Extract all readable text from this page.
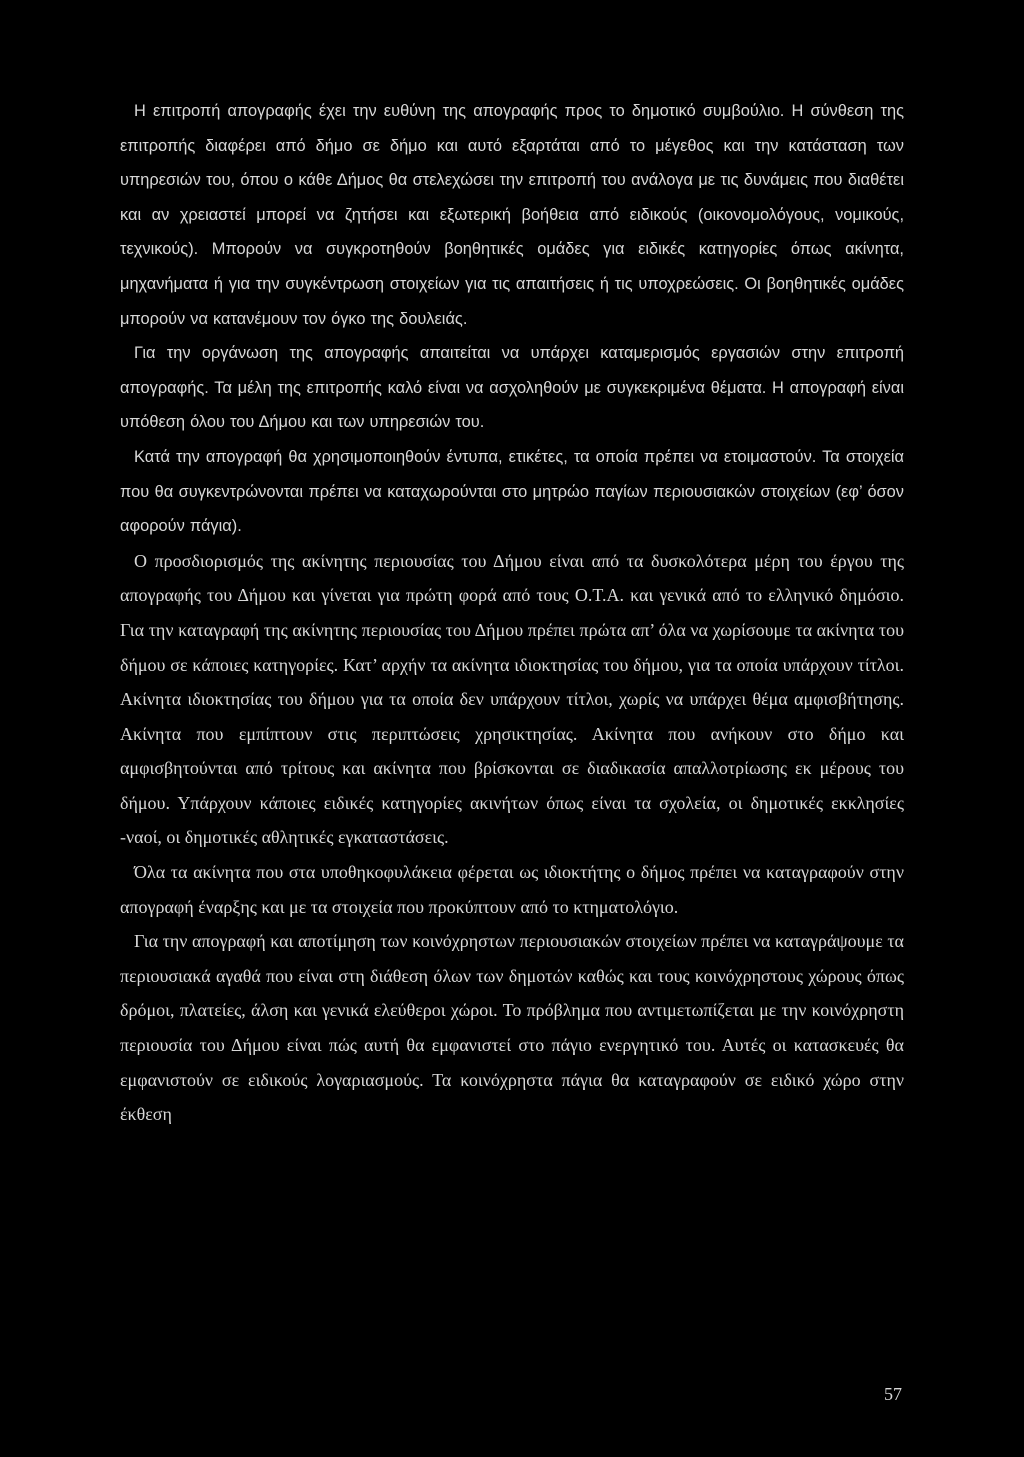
Η επιτροπή απογραφής έχει την ευθύνη της απογραφής προς το δημοτικό συμβούλιο. Η σύνθεση της επιτροπής διαφέρει από δήμο σε δήμο και αυτό εξαρτάται από το μέγεθος και την κατάσταση των υπηρεσιών του, όπου ο κάθε Δήμος θα στελεχώσει την επιτροπή του ανάλογα με τις δυνάμεις που διαθέτει και αν χρειαστεί μπορεί να ζητήσει και εξωτερική βοήθεια από ειδικούς (οικονομολόγους, νομικούς, τεχνικούς). Μπορούν να συγκροτηθούν βοηθητικές ομάδες για ειδικές κατηγορίες όπως ακίνητα, μηχανήματα ή για την συγκέντρωση στοιχείων για τις απαιτήσεις ή τις υποχρεώσεις. Οι βοηθητικές ομάδες μπορούν να κατανέμουν τον όγκο της δουλειάς.

Για την οργάνωση της απογραφής απαιτείται να υπάρχει καταμερισμός εργασιών στην επιτροπή απογραφής. Τα μέλη της επιτροπής καλό είναι να ασχοληθούν με συγκεκριμένα θέματα. Η απογραφή είναι υπόθεση όλου του Δήμου και των υπηρεσιών του.

Κατά την απογραφή θα χρησιμοποιηθούν έντυπα, ετικέτες, τα οποία πρέπει να ετοιμαστούν. Τα στοιχεία που θα συγκεντρώνονται πρέπει να καταχωρούνται στο μητρώο παγίων περιουσιακών στοιχείων (εφ’ όσον αφορούν πάγια).

Ο προσδιορισμός της ακίνητης περιουσίας του Δήμου είναι από τα δυσκολότερα μέρη του έργου της απογραφής του Δήμου και γίνεται για πρώτη φορά από τους Ο.Τ.Α. και γενικά από το ελληνικό δημόσιο. Για την καταγραφή της ακίνητης περιουσίας του Δήμου πρέπει πρώτα απ’ όλα να χωρίσουμε τα ακίνητα του δήμου σε κάποιες κατηγορίες. Κατ’ αρχήν τα ακίνητα ιδιοκτησίας του δήμου, για τα οποία υπάρχουν τίτλοι. Ακίνητα ιδιοκτησίας του δήμου για τα οποία δεν υπάρχουν τίτλοι, χωρίς να υπάρχει θέμα αμφισβήτησης. Ακίνητα που εμπίπτουν στις περιπτώσεις χρησικτησίας. Ακίνητα που ανήκουν στο δήμο και αμφισβητούνται από τρίτους και ακίνητα που βρίσκονται σε διαδικασία απαλλοτρίωσης εκ μέρους του δήμου. Υπάρχουν κάποιες ειδικές κατηγορίες ακινήτων όπως είναι τα σχολεία, οι δημοτικές εκκλησίες -ναοί, οι δημοτικές αθλητικές εγκαταστάσεις.

Όλα τα ακίνητα που στα υποθηκοφυλάκεια φέρεται ως ιδιοκτήτης ο δήμος πρέπει να καταγραφούν στην απογραφή έναρξης και με τα στοιχεία που προκύπτουν από το κτηματολόγιο.

Για την απογραφή και αποτίμηση των κοινόχρηστων περιουσιακών στοιχείων πρέπει να καταγράψουμε τα περιουσιακά αγαθά που είναι στη διάθεση όλων των δημοτών καθώς και τους κοινόχρηστους χώρους όπως δρόμοι, πλατείες, άλση και γενικά ελεύθεροι χώροι. Το πρόβλημα που αντιμετωπίζεται με την κοινόχρηστη περιουσία του Δήμου είναι πώς αυτή θα εμφανιστεί στο πάγιο ενεργητικό του. Αυτές οι κατασκευές θα εμφανιστούν σε ειδικούς λογαριασμούς. Τα κοινόχρηστα πάγια θα καταγραφούν σε ειδικό χώρο στην έκθεση

57
